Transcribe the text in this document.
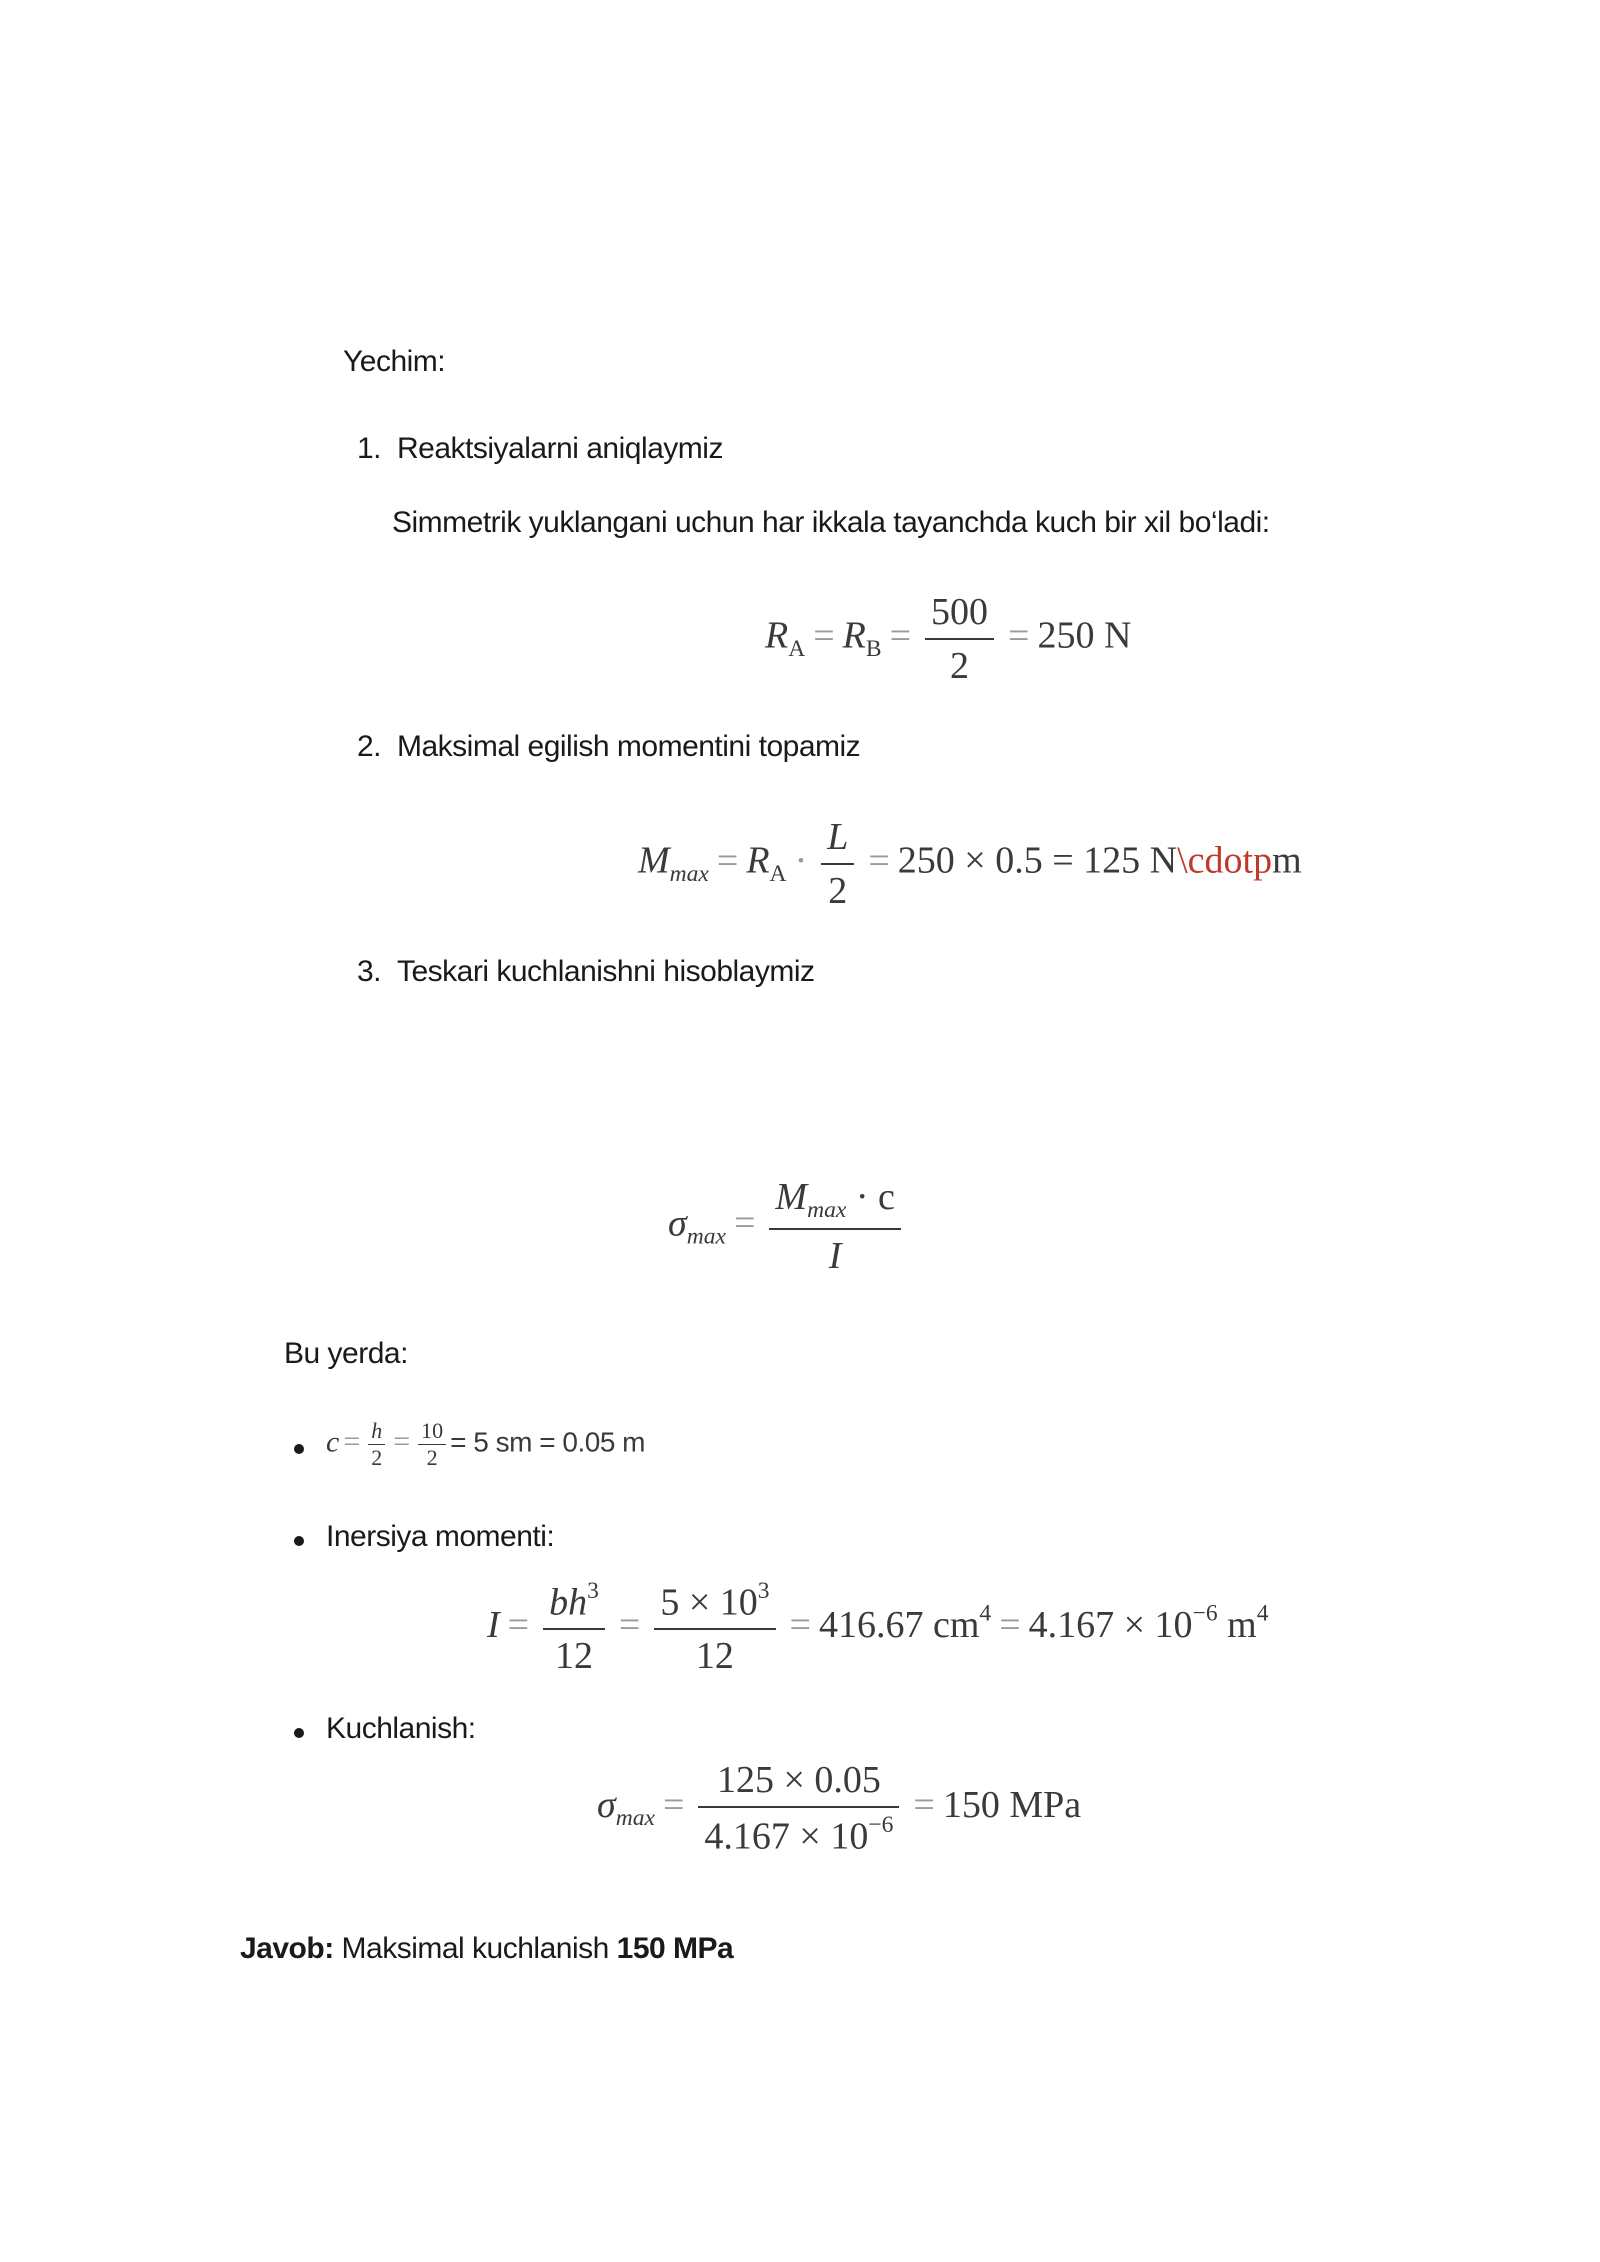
Yechim:
1. Reaktsiyalarni aniqlaymiz
Simmetrik yuklangani uchun har ikkala tayanchda kuch bir xil bo‘ladi:
$R_A = R_B = \frac{500}{2} = 250$ N
2. Maksimal egilish momentini topamiz
$M_{max} = R_A \cdot \frac{L}{2} = 250 \times 0.5 = 125$ N\cdotpm
3. Teskari kuchlanishni hisoblaymiz
$\sigma_{max} = \frac{M_{max} \cdot c}{I}$
Bu yerda:
$c = \frac{h}{2} = \frac{10}{2} = 5$ sm = 0.05 m
Inersiya momenti:
$I = \frac{bh^3}{12} = \frac{5 \times 10^3}{12} = 416.67$ $cm^4 = 4.167 \times 10^{-6}$ $m^4$
Kuchlanish:
$\sigma_{max} = \frac{125 \times 0.05}{4.167 \times 10^{-6}} = 150$ MPa
Javob: Maksimal kuchlanish 150 MPa
